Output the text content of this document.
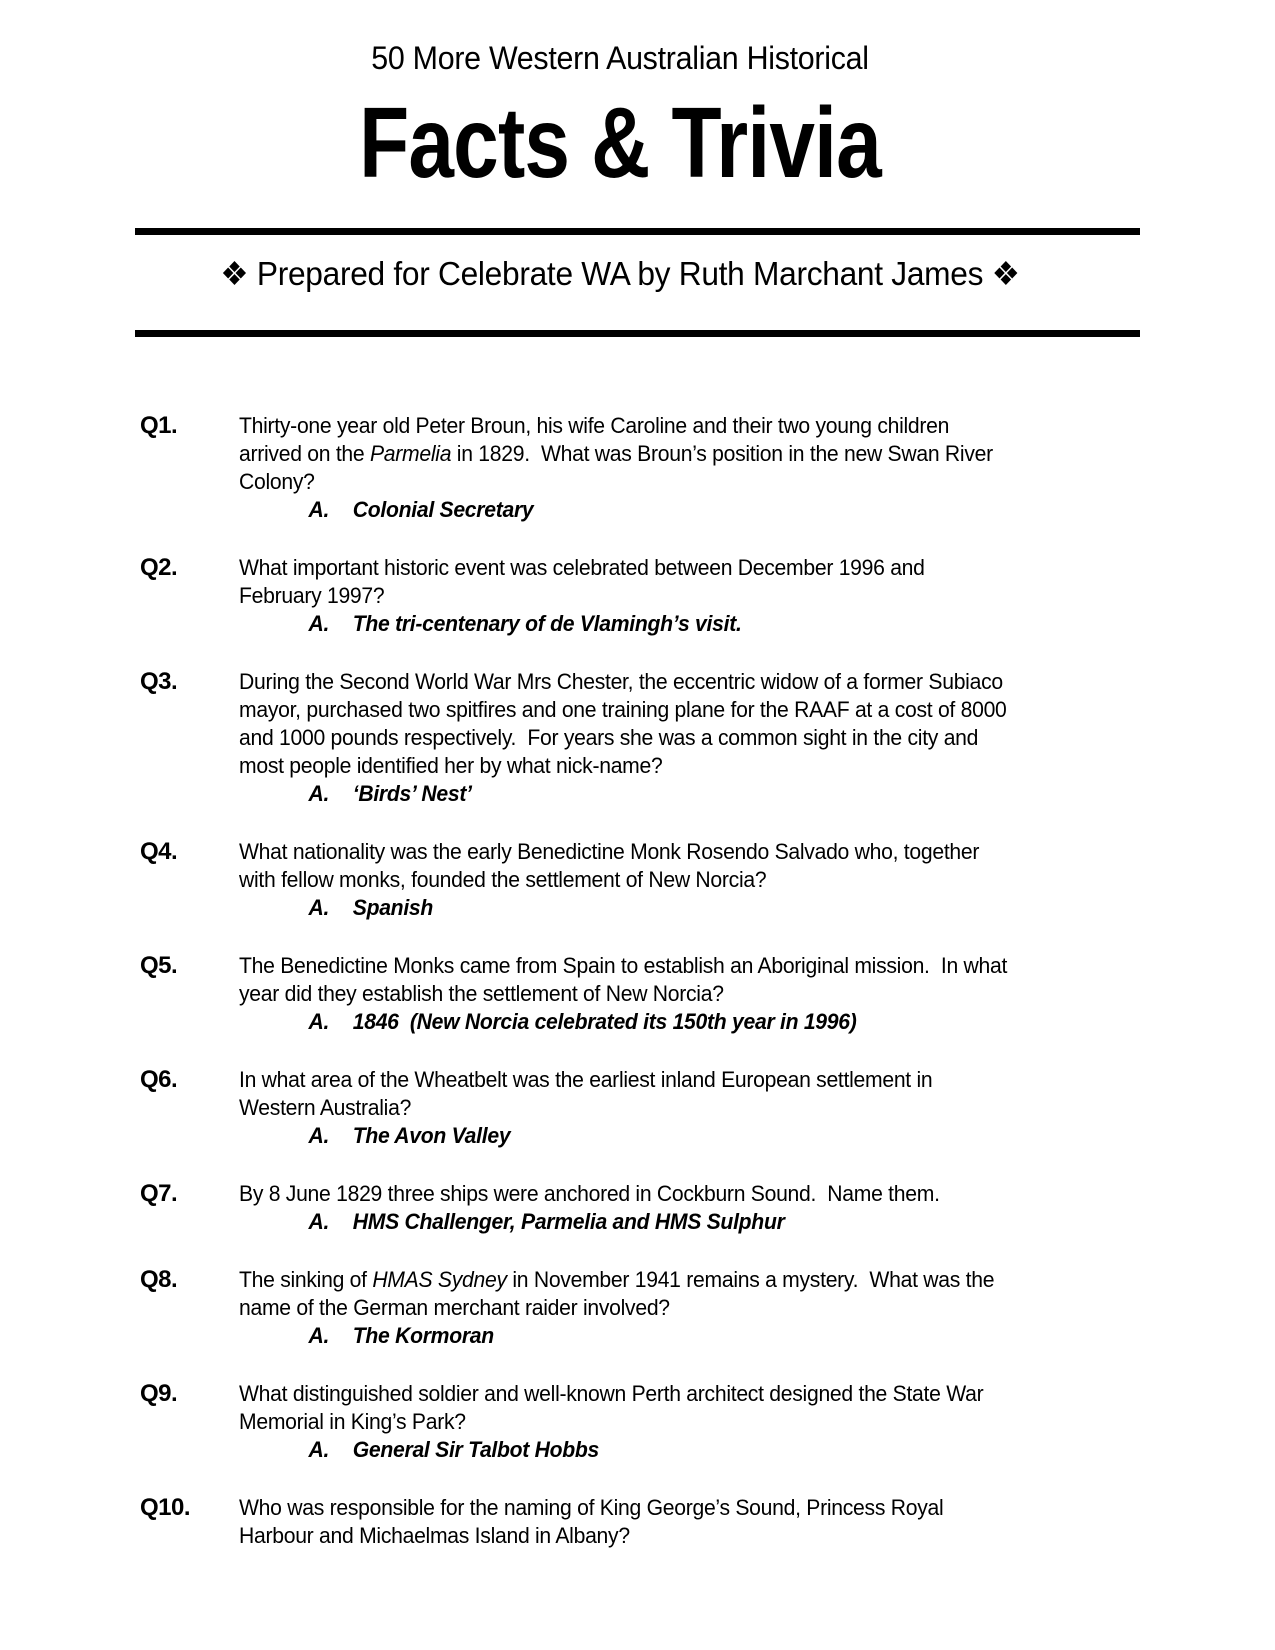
50 More Western Australian Historical
Facts & Trivia
❖ Prepared for Celebrate WA by Ruth Marchant James ❖
Q1.	Thirty-one year old Peter Broun, his wife Caroline and their two young children
arrived on the Parmelia in 1829.  What was Broun’s position in the new Swan River
Colony?
A. Colonial Secretary
Q2.	What important historic event was celebrated between December 1996 and
February 1997?
A. The tri-centenary of de Vlamingh’s visit.
Q3.	During the Second World War Mrs Chester, the eccentric widow of a former Subiaco
mayor, purchased two spitfires and one training plane for the RAAF at a cost of 8000
and 1000 pounds respectively.  For years she was a common sight in the city and
most people identified her by what nick-name?
A. ‘Birds’ Nest’
Q4.	What nationality was the early Benedictine Monk Rosendo Salvado who, together
with fellow monks, founded the settlement of New Norcia?
A. Spanish
Q5.	The Benedictine Monks came from Spain to establish an Aboriginal mission.  In what
year did they establish the settlement of New Norcia?
A. 1846  (New Norcia celebrated its 150th year in 1996)
Q6.	In what area of the Wheatbelt was the earliest inland European settlement in
Western Australia?
A. The Avon Valley
Q7.	By 8 June 1829 three ships were anchored in Cockburn Sound.  Name them.
A. HMS Challenger, Parmelia and HMS Sulphur
Q8.	The sinking of HMAS Sydney in November 1941 remains a mystery.  What was the
name of the German merchant raider involved?
A. The Kormoran
Q9.	What distinguished soldier and well-known Perth architect designed the State War
Memorial in King’s Park?
A. General Sir Talbot Hobbs
Q10.	Who was responsible for the naming of King George’s Sound, Princess Royal
Harbour and Michaelmas Island in Albany?
